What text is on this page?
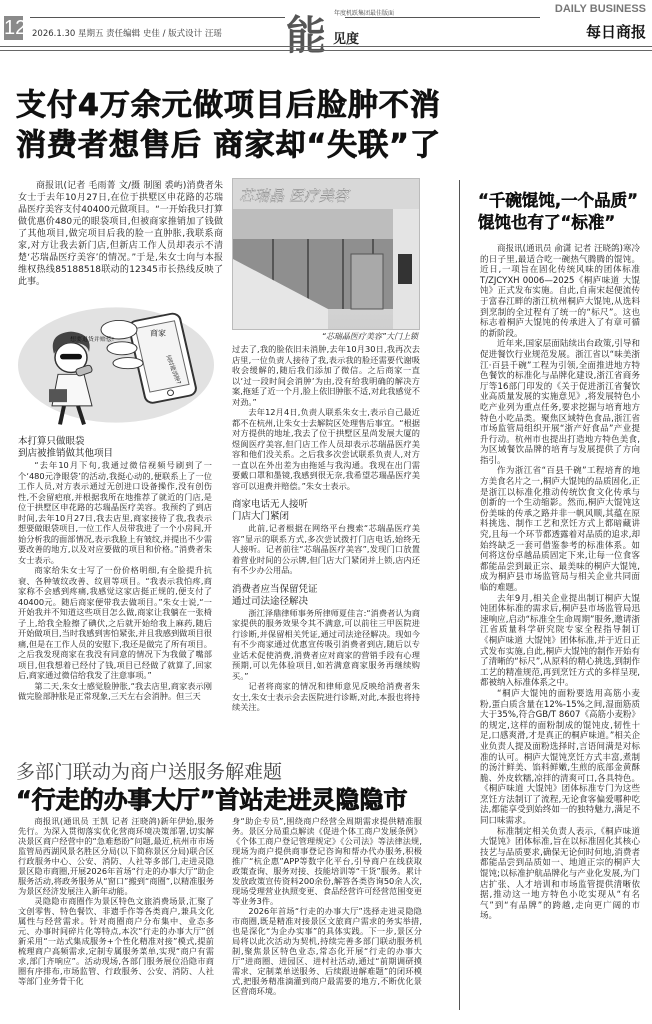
12 2026.1.30 星期五 责任编辑 史佳 / 版式设计 汪瑶 能 年度机跃集团最佳版面
见度
DAILY BUSINESS
每日商报
支付4万余元做项目后脸肿不消
消费者想售后 商家却“失联”了

商报讯(记者 毛雨菁 文/摄 制图 裘屿)消费者朱女士于去年10月27日,在位于拱墅区申花路的芯瑞晶医疗美容支付40400元做项目。“一开始我只打算做优惠价480元的眼袋项目,但被商家推销加了钱做了其他项目,做完项目后我的脸一直肿胀,我联系商家,对方让我去新门店,但新店工作人员却表示不清楚‘芯瑞晶医疗美容’的情况。”于是,朱女士向与本报维权热线85188518联动的12345市长热线反映了此事。

商家
何时能消肿?
想要退货并赔偿!
本打算只做眼袋
到店被推销做其他项目

“去年10月下旬,我通过微信视频号刷到了一个‘480元净眼袋’的活动,我挺心动的,便联系上了一位工作人员,对方表示通过无创进口设备操作,没有创伤性,不会留疤痕,并根据我所在地推荐了就近的门店,是位于拱墅区申花路的芯瑞晶医疗美容。我预约了到店时间,去年10月27日,我去店里,商家接待了我,我表示想要做眼袋项目,一位工作人员带我进了一个小房间,开始分析我的面部情况,表示我脸上有皱纹,并提出不少需要改善的地方,以及对应要做的项目和价格。”消费者朱女士表示。

商家给朱女士写了一份价格明细,有全脸提升抗衰、各种皱纹改善、纹眉等项目。“我表示我怕疼,商家称不会感到疼痛,我感觉这家店挺正规的,便支付了40400元。随后商家便带我去做项目。”朱女士说,“一开始我并不知道这些项目怎么做,商家让我躺在一张椅子上,给我全脸擦了碘伏,之后就开始给我上麻药,随后开始做项目,当时我感到害怕紧张,并且我感到做项目很痛,但是在工作人员的安慰下,我还是做完了所有项目。之后我发现商家在我没有同意的情况下为我做了嘴部项目,但我想着已经付了钱,项目已经做了就算了,回家后,商家通过微信给我发了注意事项。”

第二天,朱女士感觉脸肿胀,“我去店里,商家表示刚做完脸部肿胀是正常现象,三天左右会消肿。但三天

芯瑞晶 医疗美容
“芯瑞晶医疗美容”大门上锁

过去了,我的脸依旧未消肿,去年10月30日,我再次去店里,一位负责人接待了我,表示我的脸还需要代谢吸收会缓解的,随后我们添加了微信。之后商家一直以‘过一段时间会消肿’为由,没有给我明确的解决方案,拖延了近一个月,脸上依旧肿胀不适,对此我感觉不对劲。”

去年12月4日,负责人联系朱女士,表示自己最近都不在杭州,让朱女士去解院区处理售后事宜。“根据对方提供的地址,我去了位于拱墅区星尚发展大厦的煜阆医疗美容,但门店工作人员却表示芯瑞晶医疗美容和他们没关系。之后我多次尝试联系负责人,对方一直以在外出差为由拖延与我沟通。我现在出门需要戴口罩和墨镜,我感到很无奈,我希望芯瑞晶医疗美容可以退费并赔偿。”朱女士表示。

商家电话无人接听
门店大门紧闭

此前,记者根据在网络平台搜索“芯瑞晶医疗美容”显示的联系方式,多次尝试拨打门店电话,始终无人接听。记者前往“芯瑞晶医疗美容”,发现门口放置着营业时间的公示牌,但门店大门紧闭并上锁,店内还有不少办公用品。

消费者应当保留凭证
通过司法途径解决

浙江泽鼎律师事务所律师夏佳言:“消费者认为商家提供的服务效果令其不满意,可以前往三甲医院进行诊断,并保留相关凭证,通过司法途径解决。现如今有不少商家通过优惠宣传吸引消费者到店,随后以专业话术促使消费,消费者应对商家的营销手段有心理预期,可以先体验项目,如若满意商家服务再继续购买。”

记者将商家的情况和律师意见反映给消费者朱女士,朱女士表示会去医院进行诊断,对此,本报也将持续关注。

“千碗馄饨,一个品质”
馄饨也有了“标准”

商报讯(通讯员 俞潇 记者 汪晓鸽)寒冷的日子里,最适合吃一碗热气腾腾的馄饨。近日,一项旨在固化传统风味的团体标准T/ZJCYXH 0006—2025《桐庐味道 大馄饨》正式发布实施。自此,自南宋起便流传于富春江畔的浙江杭州桐庐大馄饨,从选料到烹制的全过程有了统一的“标尺”。这也标志着桐庐大馄饨的传承进入了有章可循的新阶段。

近年来,国家层面陆续出台政策,引导和促进餐饮行业规范发展。浙江省以“味美浙江·百县千碗”工程为引领,全面推进地方特色餐饮的标准化与品牌化建设,浙江省商务厅等16部门印发的《关于促进浙江省餐饮业高质量发展的实施意见》,将发展特色小吃产业列为重点任务,要求挖掘与培育地方特色小吃品类。聚焦区域特色食品,浙江省市场监管局组织开展“浙产好食品”产业提升行动。杭州市也提出打造地方特色美食,为区域餐饮品牌的培育与发展提供了方向指引。

作为浙江省“百县千碗”工程培育的地方美食名片之一,桐庐大馄饨的品质固化,正是浙江以标准化推动传统饮食文化传承与创新的一个生动缩影。然而,桐庐大馄饨这份美味的传承之路并非一帆风顺,其蕴在原料挑选、制作工艺和烹饪方式上都暗藏讲究,且每一个环节都透露着对品质的追求,却始终缺乏一套可借鉴参考的标准体系。如何将这份卓越品质固定下来,让每一位食客都能品尝到最正宗、最美味的桐庐大馄饨,成为桐庐县市场监管局与相关企业共同面临的难题。

去年9月,相关企业提出制订桐庐大馄饨团体标准的需求后,桐庐县市场监管局迅速响应,启动“标准全生命周期”服务,邀请浙江省质量科学研究院专家全程指导制订《桐庐味道 大馄饨》团体标准,并于近日正式发布实施,自此,桐庐大馄饨的制作开始有了清晰的“标尺”,从原料的精心挑选,到制作工艺的精准规范,再到烹饪方式的多样呈现,都被纳入标准体系之中。

“桐庐大馄饨的面粉要选用高筋小麦粉,蛋白质含量在12%-15%之间,湿面筋质大于35%,符合GB/T 8607《高筋小麦粉》的规定,这样的面粉制成的馄饨皮,韧性十足,口感爽滑,才是真正的桐庐味道。”相关企业负责人提及面粉选择时,言语间满是对标准的认可。桐庐大馄饨烹饪方式丰富,煮制的汤汁鲜美、馅料鲜嫩,生煎的底部金黄酥脆、外皮软糯,凉拌的清爽可口,各具特色。《桐庐味道 大馄饨》团体标准专门为这些烹饪方法制订了流程,无论食客偏爱哪种吃法,都能享受到始终如一的独特魅力,满足不同口味需求。

标准制定相关负责人表示,《桐庐味道 大馄饨》团体标准,旨在以标准固化其核心技艺与品质要求,确保无论何时何地,消费者都能品尝到品质如一、地道正宗的桐庐大馄饨;以标准护航品牌化与产业化发展,为门店扩张、人才培训和市场监管提供清晰依据,推动这一地方特色小吃实现从“有名气”到“有品牌”的跨越,走向更广阔的市场。

多部门联动为商户送服务解难题
“行走的办事大厅”首站走进灵隐隐市

商报讯(通讯员 王凯 记者 汪晓鸽)新年伊始,服务先行。为深入贯彻落实优化营商环境决策部署,切实解决景区商户经营中的“急难愁盼”问题,最近,杭州市市场监管局西湖风景名胜区分局(以下简称景区分局)联合区行政服务中心、公安、消防、人社等多部门,走进灵隐景区隐市商圈,开展2026年首场“行走的办事大厅”助企服务活动,将政务服务从“窗口”搬到“商圈”,以精准服务为景区经济发展注入新年动能。

灵隐隐市商圈作为景区特色文旅消费场景,汇聚了文创零售、特色餐饮、非遗手作等各类商户,兼具文化属性与经营需求。针对商圈商户分布集中、业态多元、办事时间碎片化等特点,本次“行走的办事大厅”创新采用“一站式集成服务+个性化精准对接”模式,提前梳理商户高频需求,定制专属服务菜单,实现“商户有需求,部门齐响应”。活动现场,各部门服务展位沿隐市商圈有序排布,市场监管、行政服务、公安、消防、人社等部门业务骨干化

身“助企专员”,围绕商户经营全周期需求提供精准服务。景区分局重点解读《促进个体工商户发展条例》《个体工商户登记管理规定》《公司法》等法律法规,现场为商户提供商事登记咨询和帮办代办服务,积极推广“杭企惠”APP等数字化平台,引导商户在线获取政策查询、服务对接、技能培训等“干货”服务。累计发放政策宣传资料200余份,解答各类咨询50余人次,现场受理营业执照变更、食品经营许可经营范围变更等业务3件。

2026年首场“行走的办事大厅”选择走进灵隐隐市商圈,既是精准对接景区文旅商户需求的务实举措,也是深化“为企办实事”的具体实践。下一步,景区分局将以此次活动为契机,持续完善多部门联动服务机制,聚焦景区特色业态,常态化开展“行走的办事大厅”进商圈、进园区、进村社活动,通过“前期调研摸需求、定制菜单送服务、后续跟进解难题”的闭环模式,把服务精准滴灌到商户最需要的地方,不断优化景区营商环境。
